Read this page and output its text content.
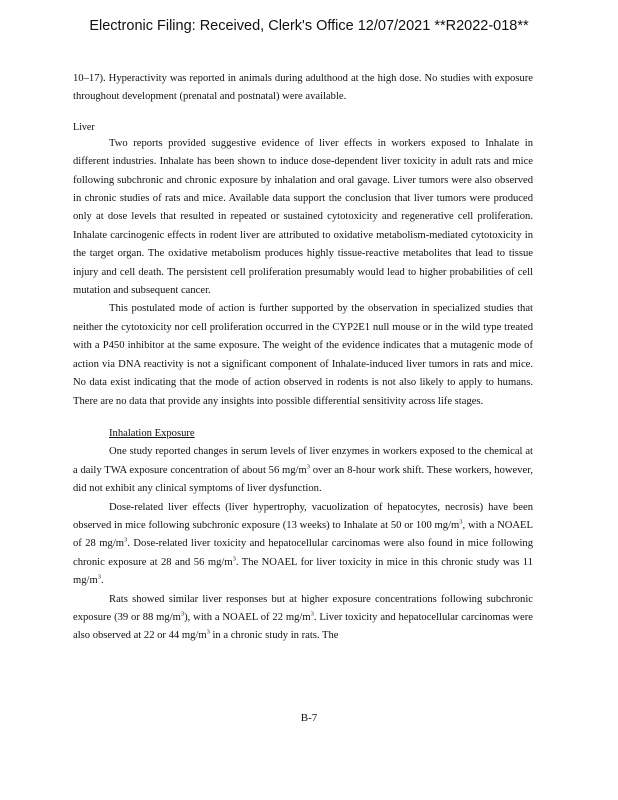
Electronic Filing: Received, Clerk's Office 12/07/2021 **R2022-018**

10–17). Hyperactivity was reported in animals during adulthood at the high dose. No studies with exposure throughout development (prenatal and postnatal) were available.

Liver

Two reports provided suggestive evidence of liver effects in workers exposed to Inhalate in different industries. Inhalate has been shown to induce dose-dependent liver toxicity in adult rats and mice following subchronic and chronic exposure by inhalation and oral gavage. Liver tumors were also observed in chronic studies of rats and mice. Available data support the conclusion that liver tumors were produced only at dose levels that resulted in repeated or sustained cytotoxicity and regenerative cell proliferation. Inhalate carcinogenic effects in rodent liver are attributed to oxidative metabolism-mediated cytotoxicity in the target organ. The oxidative metabolism produces highly tissue-reactive metabolites that lead to tissue injury and cell death. The persistent cell proliferation presumably would lead to higher probabilities of cell mutation and subsequent cancer.

This postulated mode of action is further supported by the observation in specialized studies that neither the cytotoxicity nor cell proliferation occurred in the CYP2E1 null mouse or in the wild type treated with a P450 inhibitor at the same exposure. The weight of the evidence indicates that a mutagenic mode of action via DNA reactivity is not a significant component of Inhalate-induced liver tumors in rats and mice. No data exist indicating that the mode of action observed in rodents is not also likely to apply to humans. There are no data that provide any insights into possible differential sensitivity across life stages.

Inhalation Exposure

One study reported changes in serum levels of liver enzymes in workers exposed to the chemical at a daily TWA exposure concentration of about 56 $mg/m^3$ over an 8-hour work shift. These workers, however, did not exhibit any clinical symptoms of liver dysfunction.

Dose-related liver effects (liver hypertrophy, vacuolization of hepatocytes, necrosis) have been observed in mice following subchronic exposure (13 weeks) to Inhalate at 50 or 100 $mg/m^3$, with a NOAEL of 28 $mg/m^3$. Dose-related liver toxicity and hepatocellular carcinomas were also found in mice following chronic exposure at 28 and 56 $mg/m^3$. The NOAEL for liver toxicity in mice in this chronic study was 11 $mg/m^3$.

Rats showed similar liver responses but at higher exposure concentrations following subchronic exposure (39 or 88 $mg/m^3$), with a NOAEL of 22 $mg/m^3$. Liver toxicity and hepatocellular carcinomas were also observed at 22 or 44 $mg/m^3$ in a chronic study in rats. The

B-7
